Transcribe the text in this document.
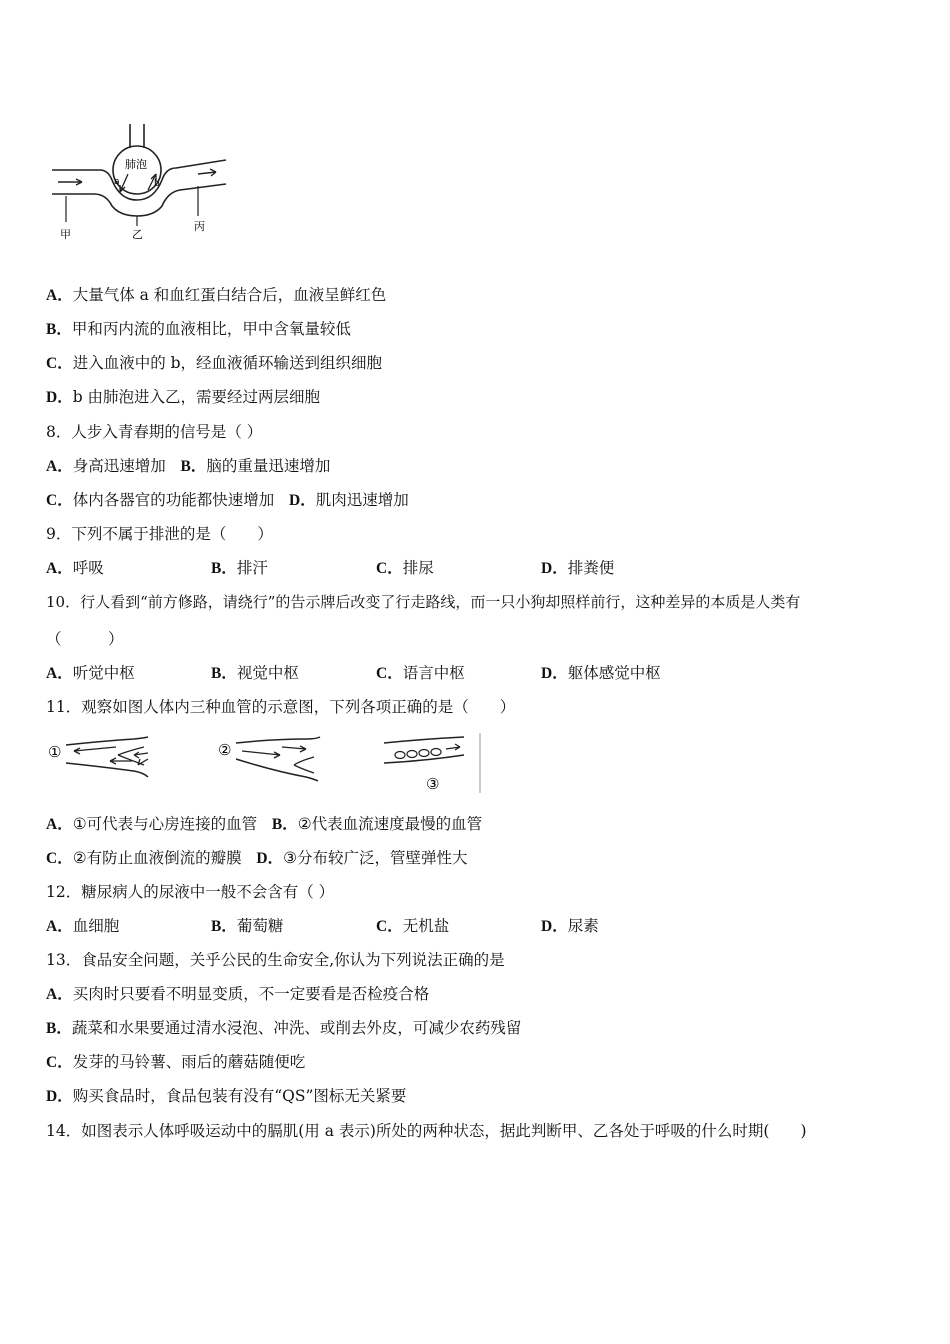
肺泡
a	b
甲	乙
丙
A．大量气体 a 和血红蛋白结合后，血液呈鲜红色
B．甲和丙内流的血液相比，甲中含氧量较低
C．进入血液中的 b，经血液循环输送到组织细胞
D．b 由肺泡进入乙，需要经过两层细胞
8．人步入青春期的信号是（ ）
A．身高迅速增加 B．脑的重量迅速增加
C．体内各器官的功能都快速增加 D．肌肉迅速增加
9．下列不属于排泄的是（　　）
A．呼吸	B．排汗	C．排尿	D．排粪便
10．行人看到“前方修路，请绕行”的告示牌后改变了行走路线，而一只小狗却照样前行，这种差异的本质是人类有
（　　　）
A．听觉中枢	B．视觉中枢	C．语言中枢	D．躯体感觉中枢
11．观察如图人体内三种血管的示意图，下列各项正确的是（　　）
①	②
③
A．①可代表与心房连接的血管 B．②代表血流速度最慢的血管
C．②有防止血液倒流的瓣膜 D．③分布较广泛，管壁弹性大
12．糖尿病人的尿液中一般不会含有（ ）
A．血细胞	B．葡萄糖	C．无机盐	D．尿素
13．食品安全问题，关乎公民的生命安全,你认为下列说法正确的是
A．买肉时只要看不明显变质，不一定要看是否检疫合格
B．蔬菜和水果要通过清水浸泡、冲洗、或削去外皮，可减少农药残留
C．发芽的马铃薯、雨后的蘑菇随便吃
D．购买食品时，食品包装有没有“QS”图标无关紧要
14．如图表示人体呼吸运动中的膈肌(用 a 表示)所处的两种状态，据此判断甲、乙各处于呼吸的什么时期(　　)
